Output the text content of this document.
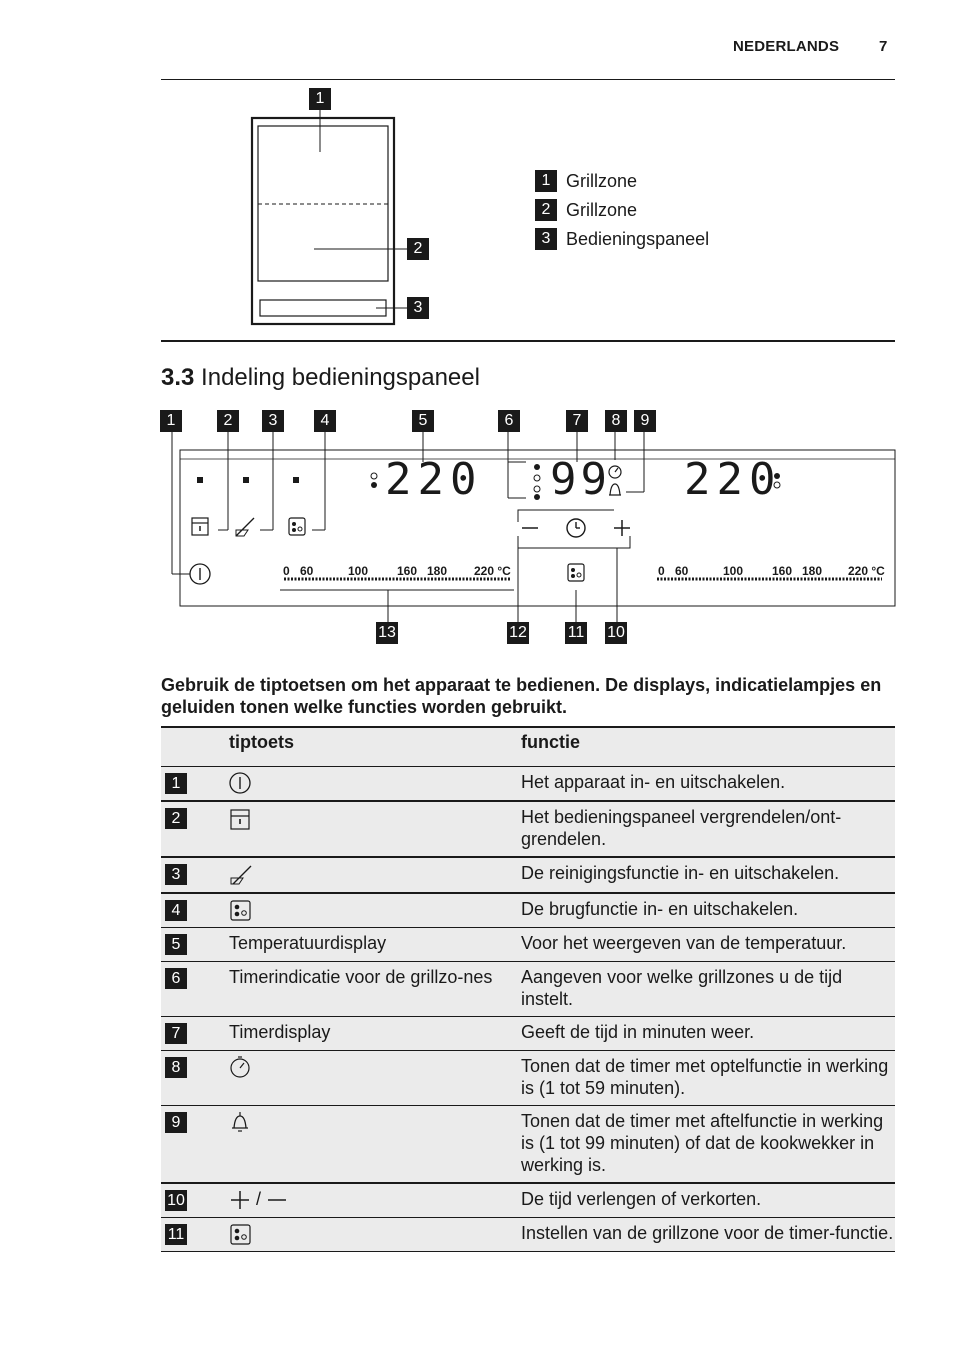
NEDERLANDS	7
1
2
3
1 Grillzone
2 Grillzone
3 Bedieningspaneel
3.3 Indeling bedieningspaneel
1	2	3	4	5	6	7	8	9
220 99 220
0 60	100 160 180 220 °C	0 60	100 160 180 220 °C
13	12	11 10
Gebruik de tiptoetsen om het apparaat te bedienen. De displays, indicatielampjes en geluiden tonen welke functies worden gebruikt.
	tiptoets	functie
1		Het apparaat in- en uitschakelen.
2		Het bedieningspaneel vergrendelen/ont-grendelen.
3		De reinigingsfunctie in- en uitschakelen.
4		De brugfunctie in- en uitschakelen.
5	Temperatuurdisplay	Voor het weergeven van de temperatuur.
6	Timerindicatie voor de grillzo-nes	Aangeven voor welke grillzones u de tijd instelt.
7	Timerdisplay	Geeft de tijd in minuten weer.
8		Tonen dat de timer met optelfunctie in werking is (1 tot 59 minuten).
9		Tonen dat de timer met aftelfunctie in werking is (1 tot 99 minuten) of dat de kookwekker in werking is.
10	/	De tijd verlengen of verkorten.
11		Instellen van de grillzone voor de timer-functie.
